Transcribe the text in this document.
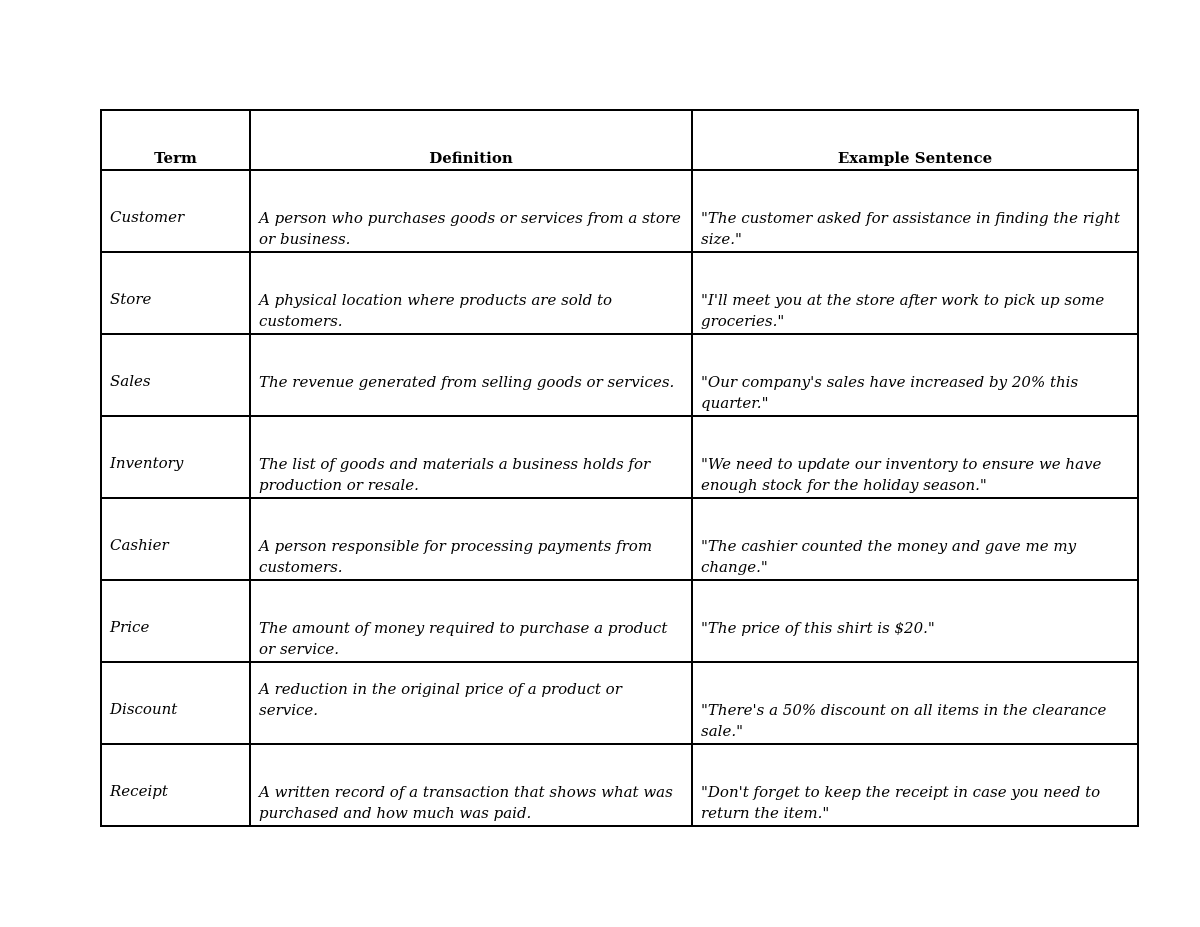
Term	Definition	Example Sentence

Customer	A person who purchases goods or services from a store or business.	"The customer asked for assistance in finding the right size."

Store	A physical location where products are sold to customers.	"I'll meet you at the store after work to pick up some groceries."

Sales	The revenue generated from selling goods or services.	"Our company's sales have increased by 20% this quarter."

Inventory	The list of goods and materials a business holds for production or resale.	"We need to update our inventory to ensure we have enough stock for the holiday season."

Cashier	A person responsible for processing payments from customers.	"The cashier counted the money and gave me my change."

Price	The amount of money required to purchase a product or service.	"The price of this shirt is $20."

Discount	A reduction in the original price of a product or service.	"There's a 50% discount on all items in the clearance sale."

Receipt	A written record of a transaction that shows what was purchased and how much was paid.	"Don't forget to keep the receipt in case you need to return the item."
